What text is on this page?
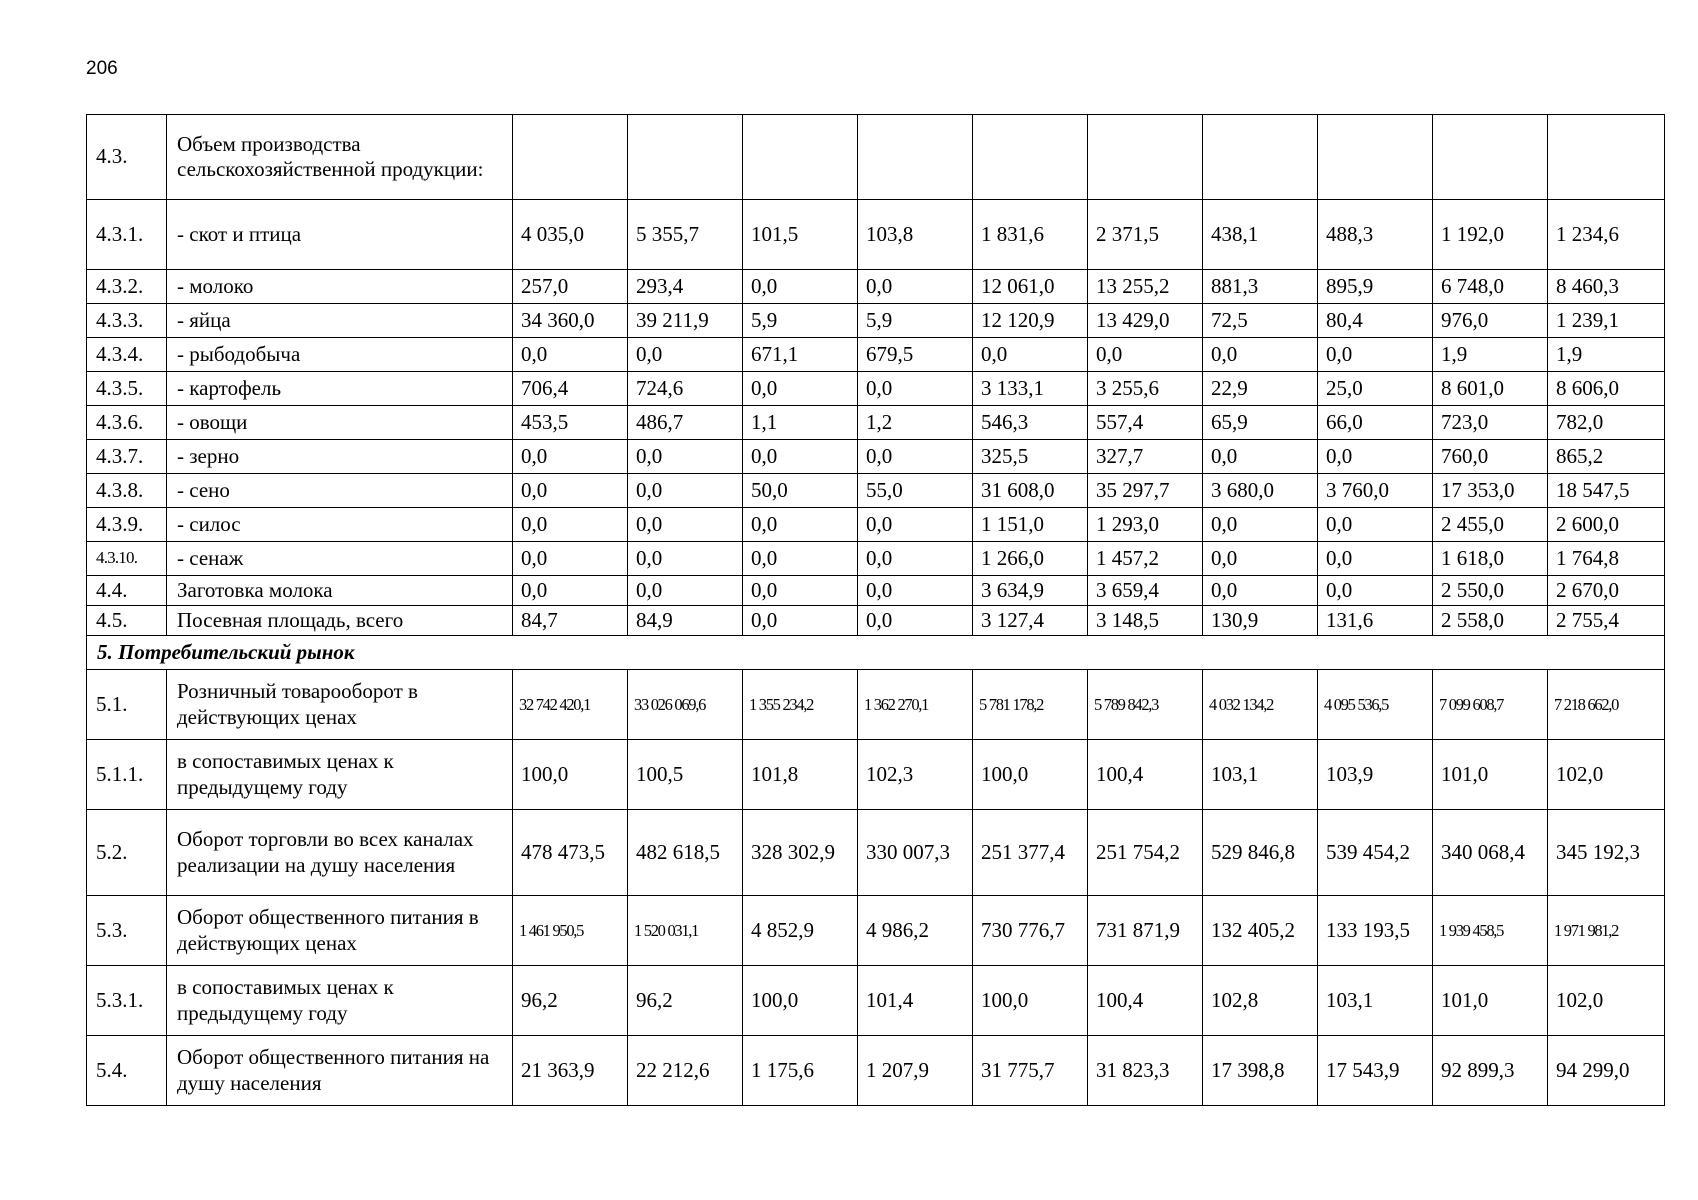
206
4.3.	Объем производства сельскохозяйственной продукции:										
4.3.1.	- скот и птица	4 035,0	5 355,7	101,5	103,8	1 831,6	2 371,5	438,1	488,3	1 192,0	1 234,6
4.3.2.	- молоко	257,0	293,4	0,0	0,0	12 061,0	13 255,2	881,3	895,9	6 748,0	8 460,3
4.3.3.	- яйца	34 360,0	39 211,9	5,9	5,9	12 120,9	13 429,0	72,5	80,4	976,0	1 239,1
4.3.4.	- рыбодобыча	0,0	0,0	671,1	679,5	0,0	0,0	0,0	0,0	1,9	1,9
4.3.5.	- картофель	706,4	724,6	0,0	0,0	3 133,1	3 255,6	22,9	25,0	8 601,0	8 606,0
4.3.6.	- овощи	453,5	486,7	1,1	1,2	546,3	557,4	65,9	66,0	723,0	782,0
4.3.7.	- зерно	0,0	0,0	0,0	0,0	325,5	327,7	0,0	0,0	760,0	865,2
4.3.8.	- сено	0,0	0,0	50,0	55,0	31 608,0	35 297,7	3 680,0	3 760,0	17 353,0	18 547,5
4.3.9.	- силос	0,0	0,0	0,0	0,0	1 151,0	1 293,0	0,0	0,0	2 455,0	2 600,0
4.3.10.	- сенаж	0,0	0,0	0,0	0,0	1 266,0	1 457,2	0,0	0,0	1 618,0	1 764,8
4.4.	Заготовка молока	0,0	0,0	0,0	0,0	3 634,9	3 659,4	0,0	0,0	2 550,0	2 670,0
4.5.	Посевная площадь, всего	84,7	84,9	0,0	0,0	3 127,4	3 148,5	130,9	131,6	2 558,0	2 755,4
5. Потребительский рынок											
5.1.	Розничный товарооборот в действующих ценах	32 742 420,1	33 026 069,6	1 355 234,2	1 362 270,1	5 781 178,2	5 789 842,3	4 032 134,2	4 095 536,5	7 099 608,7	7 218 662,0
5.1.1.	в сопоставимых ценах к предыдущему году	100,0	100,5	101,8	102,3	100,0	100,4	103,1	103,9	101,0	102,0
5.2.	Оборот торговли во всех каналах реализации на душу населения	478 473,5	482 618,5	328 302,9	330 007,3	251 377,4	251 754,2	529 846,8	539 454,2	340 068,4	345 192,3
5.3.	Оборот общественного питания в действующих ценах	1 461 950,5	1 520 031,1	4 852,9	4 986,2	730 776,7	731 871,9	132 405,2	133 193,5	1 939 458,5	1 971 981,2
5.3.1.	в сопоставимых ценах к предыдущему году	96,2	96,2	100,0	101,4	100,0	100,4	102,8	103,1	101,0	102,0
5.4.	Оборот общественного питания на душу населения	21 363,9	22 212,6	1 175,6	1 207,9	31 775,7	31 823,3	17 398,8	17 543,9	92 899,3	94 299,0
